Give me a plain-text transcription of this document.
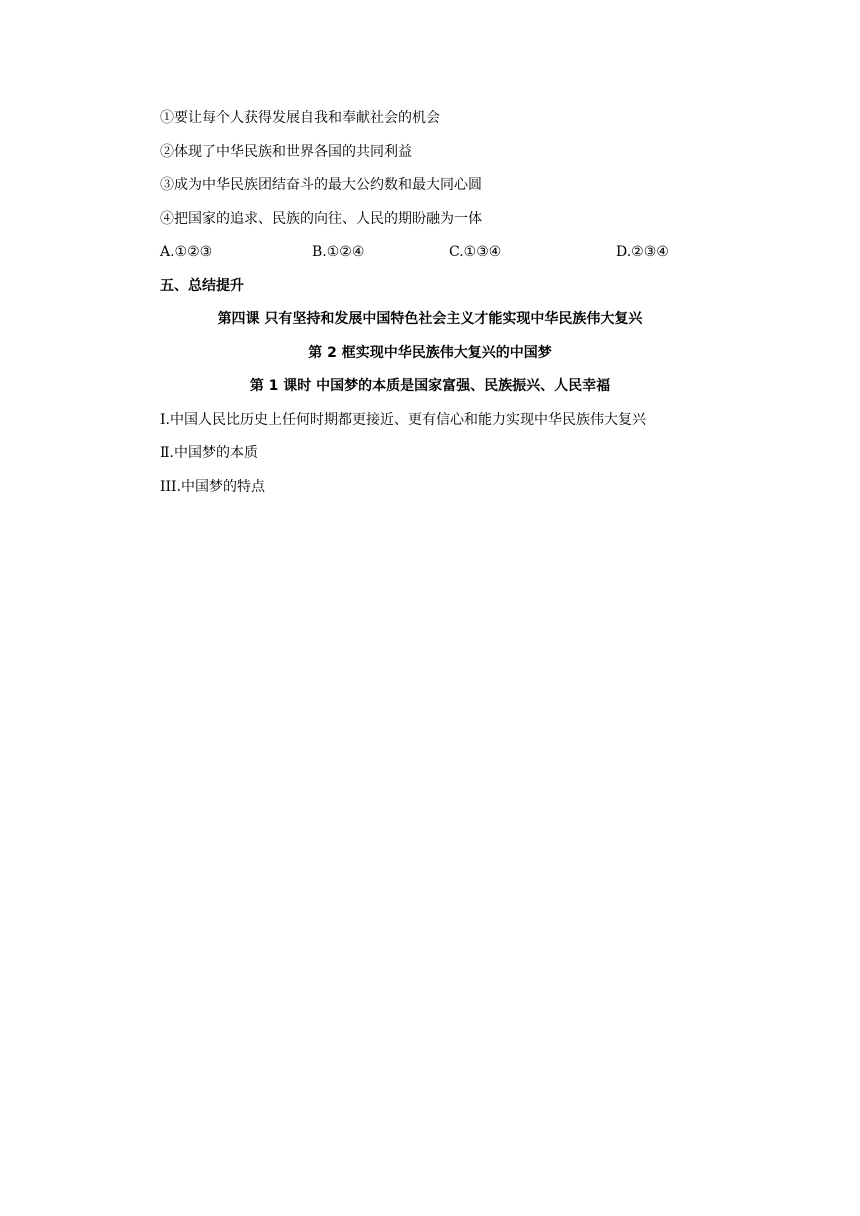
①要让每个人获得发展自我和奉献社会的机会

②体现了中华民族和世界各国的共同利益

③成为中华民族团结奋斗的最大公约数和最大同心圆

④把国家的追求、民族的向往、人民的期盼融为一体

A.①②③	B.①②④	C.①③④	D.②③④
五、总结提升
第四课 只有坚持和发展中国特色社会主义才能实现中华民族伟大复兴
第 2 框实现中华民族伟大复兴的中国梦
第 1 课时 中国梦的本质是国家富强、民族振兴、人民幸福

Ⅰ.中国人民比历史上任何时期都更接近、更有信心和能力实现中华民族伟大复兴

Ⅱ.中国梦的本质

III.中国梦的特点
